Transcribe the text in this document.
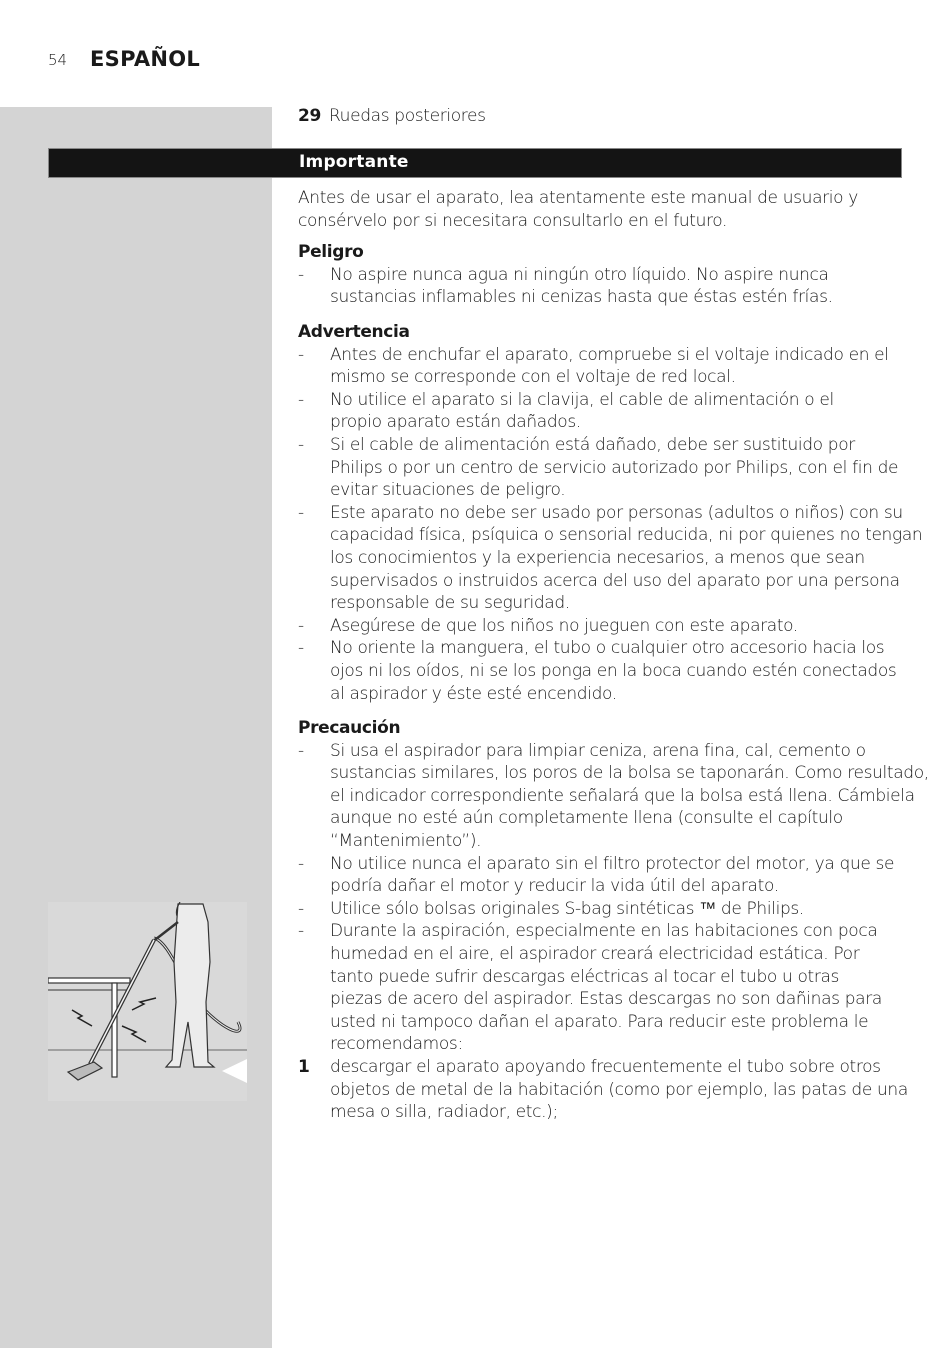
54 ESPAÑOL
Importante

29 Ruedas posteriores

Antes de usar el aparato, lea atentamente este manual de usuario y consérvelo por si necesitara consultarlo en el futuro.

Peligro

- No aspire nunca agua ni ningún otro líquido. No aspire nunca sustancias inflamables ni cenizas hasta que éstas estén frías.

Advertencia

- Antes de enchufar el aparato, compruebe si el voltaje indicado en el mismo se corresponde con el voltaje de red local.
- No utilice el aparato si la clavija, el cable de alimentación o el propio aparato están dañados.
- Si el cable de alimentación está dañado, debe ser sustituido por Philips o por un centro de servicio autorizado por Philips, con el fin de evitar situaciones de peligro.
- Este aparato no debe ser usado por personas (adultos o niños) con su capacidad física, psíquica o sensorial reducida, ni por quienes no tengan los conocimientos y la experiencia necesarios, a menos que sean supervisados o instruidos acerca del uso del aparato por una persona responsable de su seguridad.
- Asegúrese de que los niños no jueguen con este aparato.
- No oriente la manguera, el tubo o cualquier otro accesorio hacia los ojos ni los oídos, ni se los ponga en la boca cuando estén conectados al aspirador y éste esté encendido.

Precaución

- Si usa el aspirador para limpiar ceniza, arena fina, cal, cemento o sustancias similares, los poros de la bolsa se taponarán. Como resultado, el indicador correspondiente señalará que la bolsa está llena. Cámbiela aunque no esté aún completamente llena (consulte el capítulo “Mantenimiento”).
- No utilice nunca el aparato sin el filtro protector del motor, ya que se podría dañar el motor y reducir la vida útil del aparato.
- Utilice sólo bolsas originales S-bag sintéticas ™ de Philips.
- Durante la aspiración, especialmente en las habitaciones con poca humedad en el aire, el aspirador creará electricidad estática. Por tanto puede sufrir descargas eléctricas al tocar el tubo u otras piezas de acero del aspirador. Estas descargas no son dañinas para usted ni tampoco dañan el aparato. Para reducir este problema le recomendamos:
1 descargar el aparato apoyando frecuentemente el tubo sobre otros objetos de metal de la habitación (como por ejemplo, las patas de una mesa o silla, radiador, etc.);
